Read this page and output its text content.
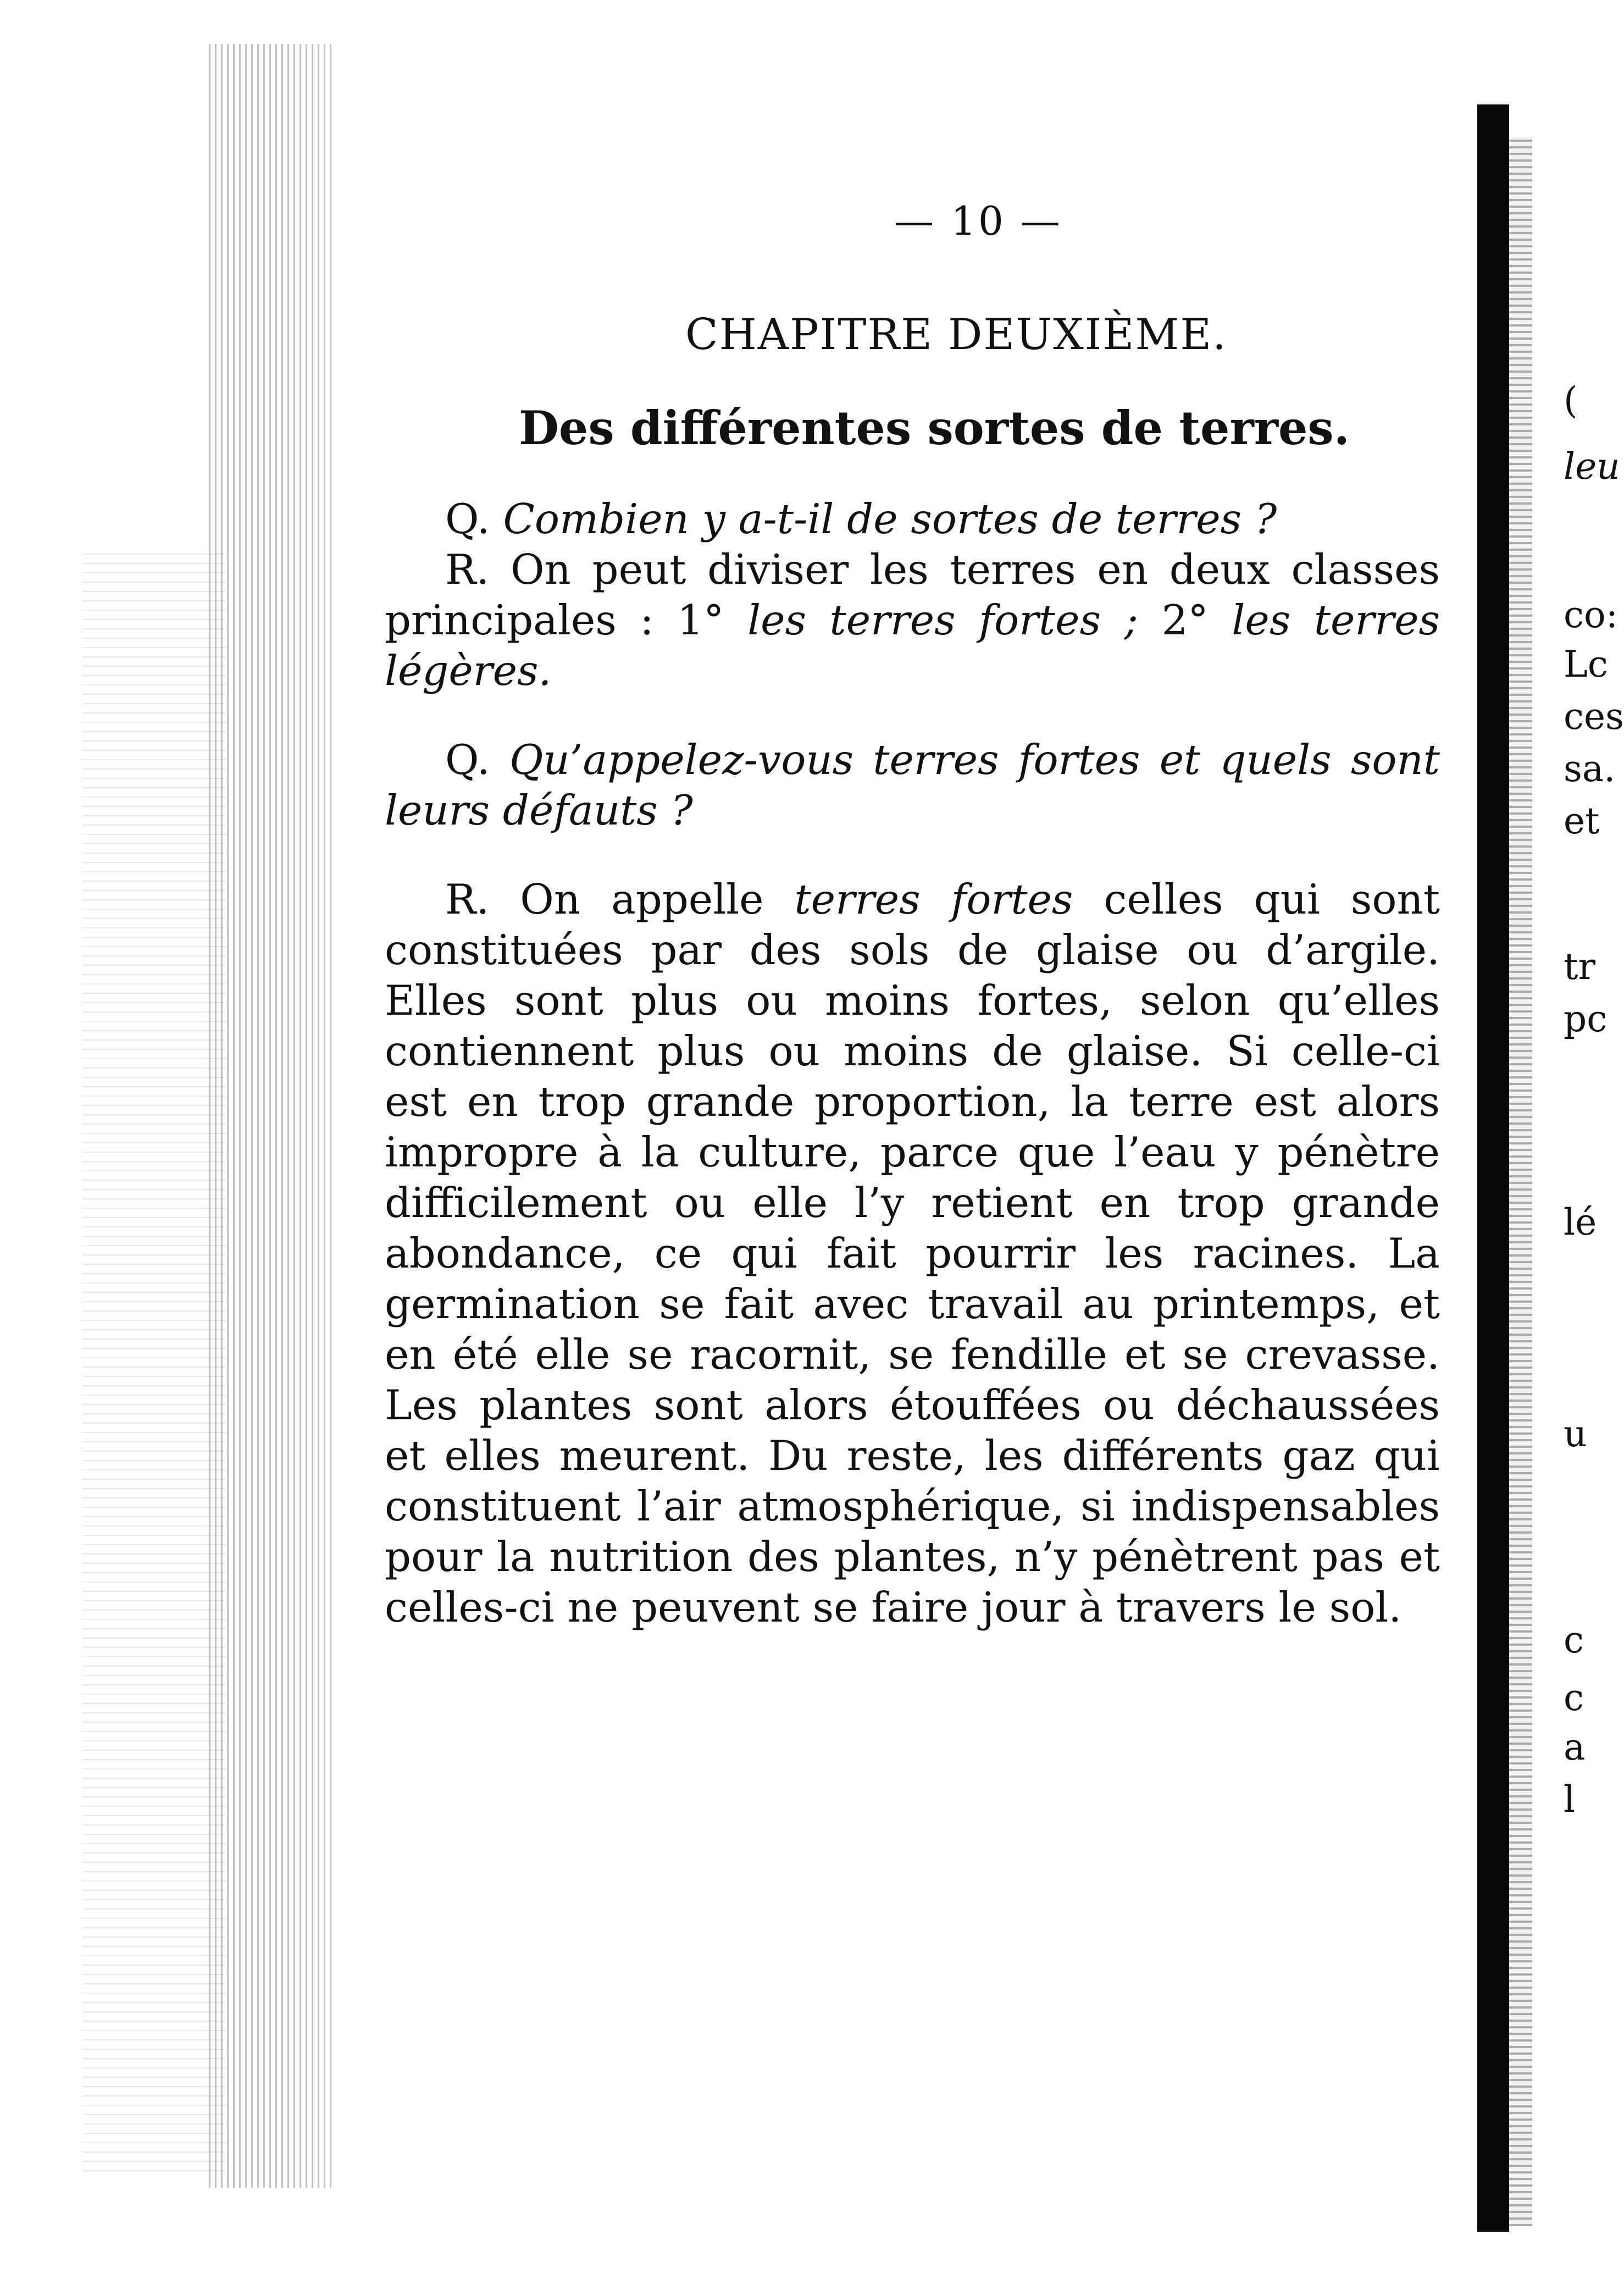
— 10 —
CHAPITRE DEUXIÈME.
Des différentes sortes de terres.

Q. Combien y a-t-il de sortes de terres ?

R. On peut diviser les terres en deux classes principales : 1° les terres fortes ; 2° les terres légères.

Q. Qu’appelez-vous terres fortes et quels sont leurs défauts ?

R. On appelle terres fortes celles qui sont constituées par des sols de glaise ou d’argile. Elles sont plus ou moins fortes, selon qu’elles contiennent plus ou moins de glaise. Si celle-ci est en trop grande proportion, la terre est alors impropre à la culture, parce que l’eau y pénètre difficilement ou elle l’y retient en trop grande abondance, ce qui fait pourrir les racines. La germination se fait avec travail au printemps, et en été elle se racornit, se fendille et se crevasse. Les plantes sont alors étouffées ou déchaussées et elles meurent. Du reste, les différents gaz qui constituent l’air atmosphérique, si indispensables pour la nutrition des plantes, n’y pénètrent pas et celles-ci ne peuvent se faire jour à travers le sol.

(
leu
co:
Lc
ces
sa.
et
tr
pc
lé
u
c
c
a
l
